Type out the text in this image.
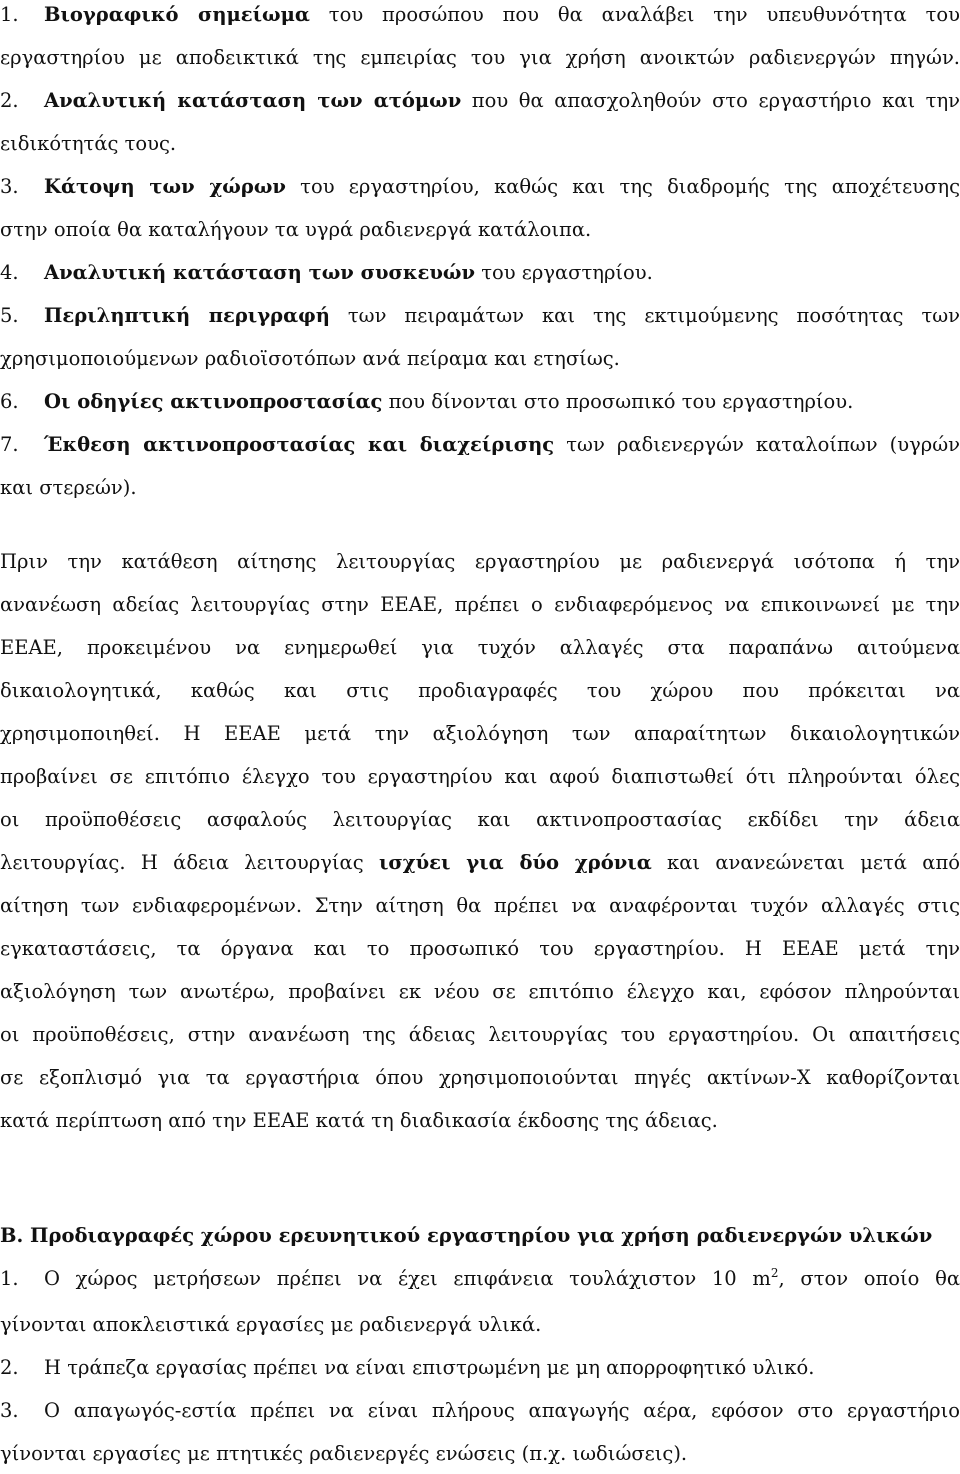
1. Βιογραφικό σημείωμα του προσώπου που θα αναλάβει την υπευθυνότητα του
εργαστηρίου με αποδεικτικά της εμπειρίας του για χρήση ανοικτών ραδιενεργών πηγών.
2. Αναλυτική κατάσταση των ατόμων που θα απασχοληθούν στο εργαστήριο και την
ειδικότητάς τους.
3. Κάτοψη των χώρων του εργαστηρίου, καθώς και της διαδρομής της αποχέτευσης
στην οποία θα καταλήγουν τα υγρά ραδιενεργά κατάλοιπα.
4. Αναλυτική κατάσταση των συσκευών του εργαστηρίου.
5. Περιληπτική περιγραφή των πειραμάτων και της εκτιμούμενης ποσότητας των
χρησιμοποιούμενων ραδιοϊσοτόπων ανά πείραμα και ετησίως.
6. Οι οδηγίες ακτινοπροστασίας που δίνονται στο προσωπικό του εργαστηρίου.
7. Έκθεση ακτινοπροστασίας και διαχείρισης των ραδιενεργών καταλοίπων (υγρών
και στερεών).
Πριν την κατάθεση αίτησης λειτουργίας εργαστηρίου με ραδιενεργά ισότοπα ή την
ανανέωση αδείας λειτουργίας στην ΕΕΑΕ, πρέπει ο ενδιαφερόμενος να επικοινωνεί με την
ΕΕΑΕ, προκειμένου να ενημερωθεί για τυχόν αλλαγές στα παραπάνω αιτούμενα
δικαιολογητικά, καθώς και στις προδιαγραφές του χώρου που πρόκειται να
χρησιμοποιηθεί. Η ΕΕΑΕ μετά την αξιολόγηση των απαραίτητων δικαιολογητικών
προβαίνει σε επιτόπιο έλεγχο του εργαστηρίου και αφού διαπιστωθεί ότι πληρούνται όλες
οι προϋποθέσεις ασφαλούς λειτουργίας και ακτινοπροστασίας εκδίδει την άδεια
λειτουργίας. Η άδεια λειτουργίας ισχύει για δύο χρόνια και ανανεώνεται μετά από
αίτηση των ενδιαφερομένων. Στην αίτηση θα πρέπει να αναφέρονται τυχόν αλλαγές στις
εγκαταστάσεις, τα όργανα και το προσωπικό του εργαστηρίου. Η ΕΕΑΕ μετά την
αξιολόγηση των ανωτέρω, προβαίνει εκ νέου σε επιτόπιο έλεγχο και, εφόσον πληρούνται
οι προϋποθέσεις, στην ανανέωση της άδειας λειτουργίας του εργαστηρίου. Οι απαιτήσεις
σε εξοπλισμό για τα εργαστήρια όπου χρησιμοποιούνται πηγές ακτίνων-Χ καθορίζονται
κατά περίπτωση από την ΕΕΑΕ κατά τη διαδικασία έκδοσης της άδειας.
Β. Προδιαγραφές χώρου ερευνητικού εργαστηρίου για χρήση ραδιενεργών υλικών
1. Ο χώρος μετρήσεων πρέπει να έχει επιφάνεια τουλάχιστον 10 $m^2$, στον οποίο θα
γίνονται αποκλειστικά εργασίες με ραδιενεργά υλικά.
2. Η τράπεζα εργασίας πρέπει να είναι επιστρωμένη με μη απορροφητικό υλικό.
3. Ο απαγωγός-εστία πρέπει να είναι πλήρους απαγωγής αέρα, εφόσον στο εργαστήριο
γίνονται εργασίες με πτητικές ραδιενεργές ενώσεις (π.χ. ιωδιώσεις).
